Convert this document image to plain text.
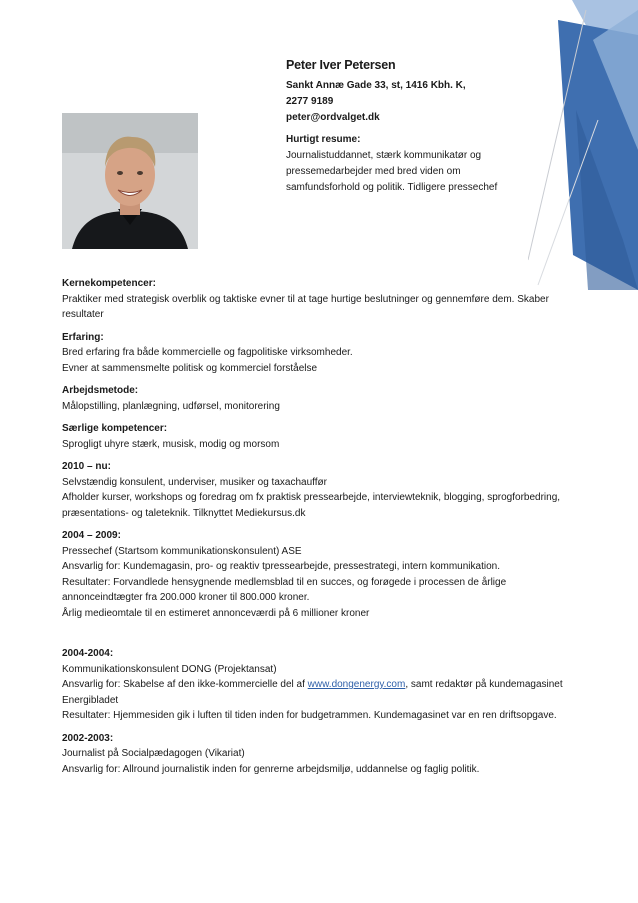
Peter Iver Petersen
Sankt Annæ Gade 33, st, 1416 Kbh. K,
2277 9189
peter@ordvalget.dk
Hurtigt resume:
Journalistuddannet, stærk kommunikatør og pressemedarbejder med bred viden om samfundsforhold og politik. Tidligere pressechef
Kernekompetencer:
Praktiker med strategisk overblik og taktiske evner til at tage hurtige beslutninger og gennemføre dem. Skaber resultater
Erfaring:
Bred erfaring fra både kommercielle og fagpolitiske virksomheder.
Evner at sammensmelte politisk og kommerciel forståelse
Arbejdsmetode:
Målopstilling, planlægning, udførsel, monitorering
Særlige kompetencer:
Sprogligt uhyre stærk, musisk, modig og morsom
2010 – nu:
Selvstændig konsulent, underviser, musiker og taxachauffør
Afholder kurser, workshops og foredrag om fx praktisk pressearbejde, interviewteknik, blogging, sprogforbedring, præsentations- og taleteknik. Tilknyttet Mediekursus.dk
2004 – 2009:
Pressechef (Startsom kommunikationskonsulent) ASE
Ansvarlig for: Kundemagasin, pro- og reaktiv tpressearbejde, pressestrategi, intern kommunikation.
Resultater: Forvandlede hensygnende medlemsblad til en succes, og forøgede i processen de årlige annonceindtægter fra 200.000 kroner til 800.000 kroner.
Årlig medieomtale til en estimeret annonceværdi på 6 millioner kroner
2004-2004:
Kommunikationskonsulent DONG (Projektansat)
Ansvarlig for: Skabelse af den ikke-kommercielle del af www.dongenergy.com, samt redaktør på kundemagasinet Energibladet
Resultater: Hjemmesiden gik i luften til tiden inden for budgetrammen. Kundemagasinet var en ren driftsopgave.
2002-2003:
Journalist på Socialpædagogen (Vikariat)
Ansvarlig for: Allround journalistik inden for genrerne arbejdsmiljø, uddannelse og faglig politik.
